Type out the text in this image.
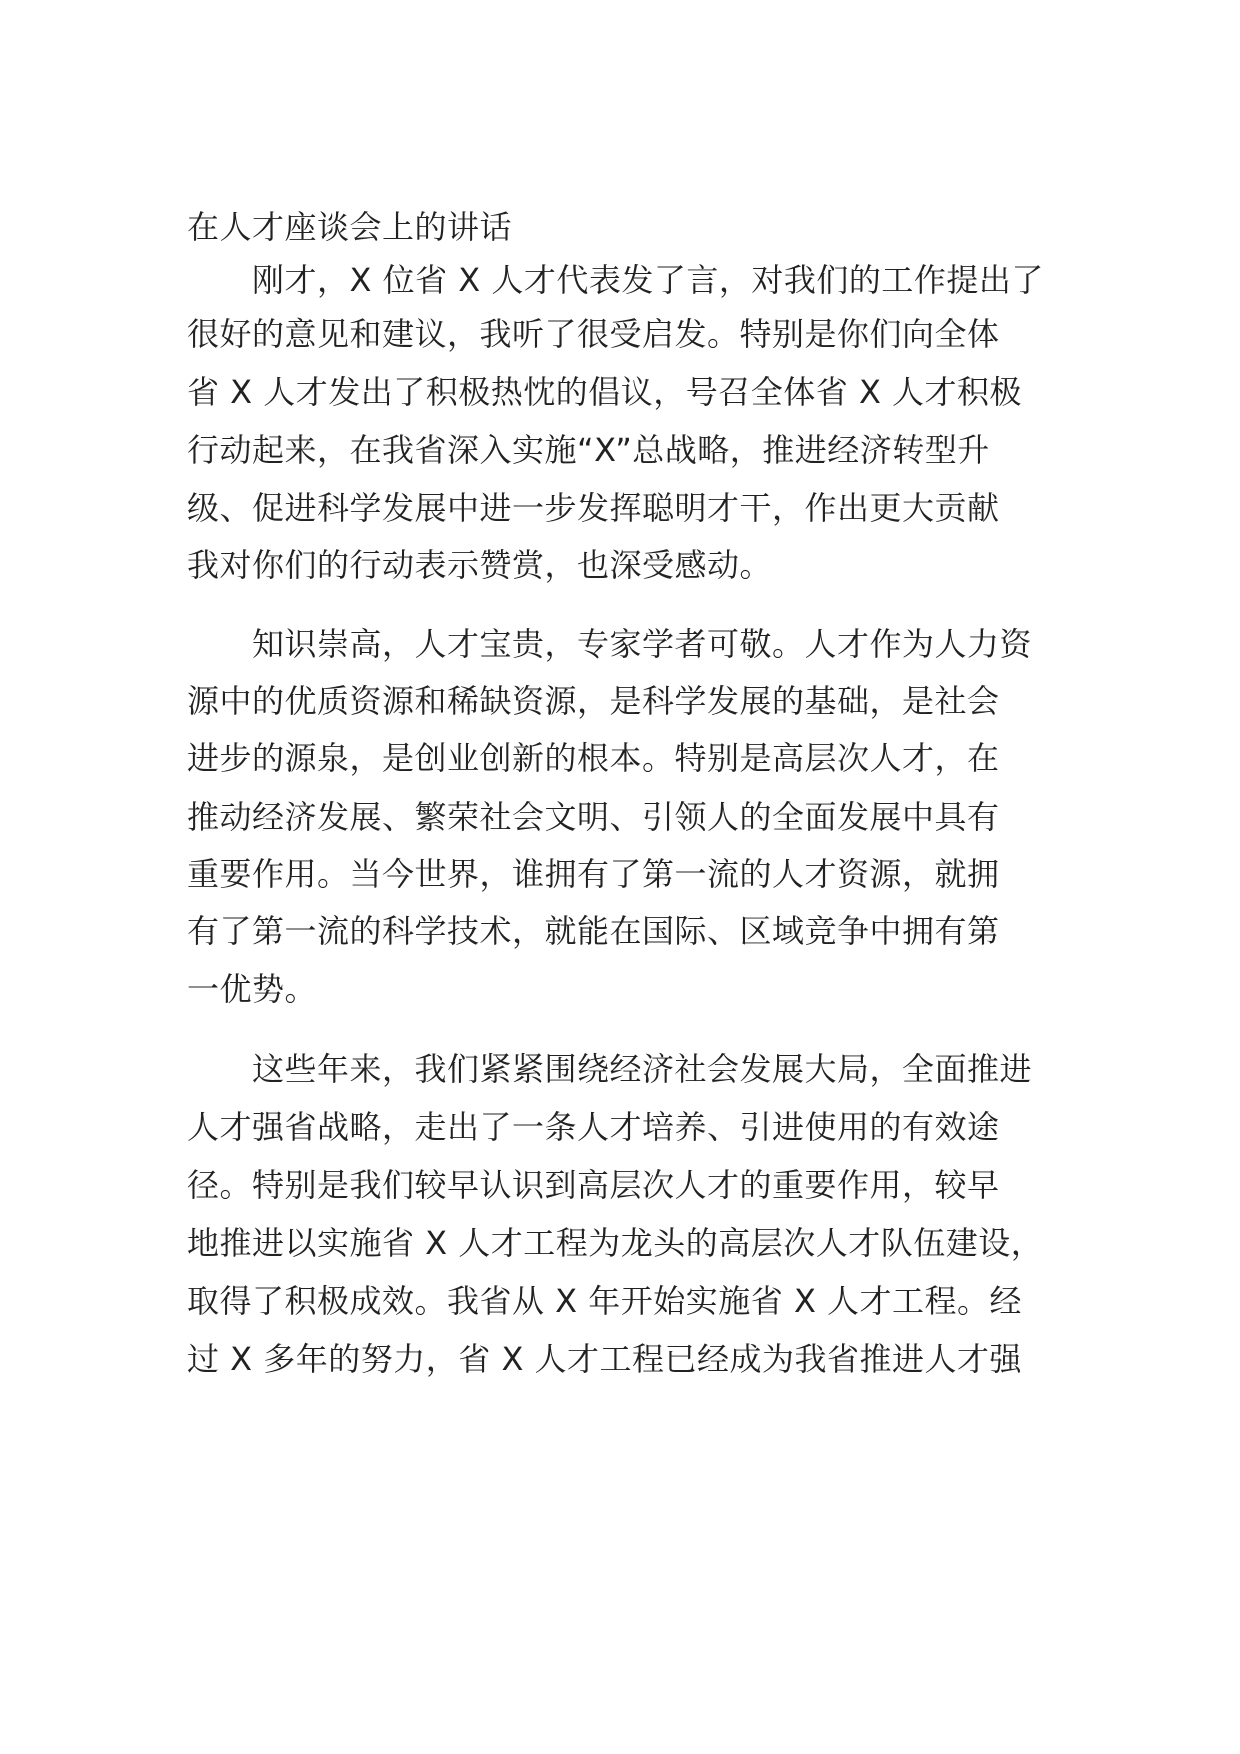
在人才座谈会上的讲话
　　刚才，X 位省 X 人才代表发了言，对我们的工作提出了
很好的意见和建议，我听了很受启发。特别是你们向全体
省 X 人才发出了积极热忱的倡议，号召全体省 X 人才积极
行动起来，在我省深入实施“X”总战略，推进经济转型升
级、促进科学发展中进一步发挥聪明才干，作出更大贡献
我对你们的行动表示赞赏，也深受感动。
　　知识崇高，人才宝贵，专家学者可敬。人才作为人力资
源中的优质资源和稀缺资源，是科学发展的基础，是社会
进步的源泉，是创业创新的根本。特别是高层次人才，在
推动经济发展、繁荣社会文明、引领人的全面发展中具有
重要作用。当今世界，谁拥有了第一流的人才资源，就拥
有了第一流的科学技术，就能在国际、区域竞争中拥有第
一优势。
　　这些年来，我们紧紧围绕经济社会发展大局，全面推进
人才强省战略，走出了一条人才培养、引进使用的有效途
径。特别是我们较早认识到高层次人才的重要作用，较早
地推进以实施省 X 人才工程为龙头的高层次人才队伍建设，
取得了积极成效。我省从 X 年开始实施省 X 人才工程。经
过 X 多年的努力，省 X 人才工程已经成为我省推进人才强
